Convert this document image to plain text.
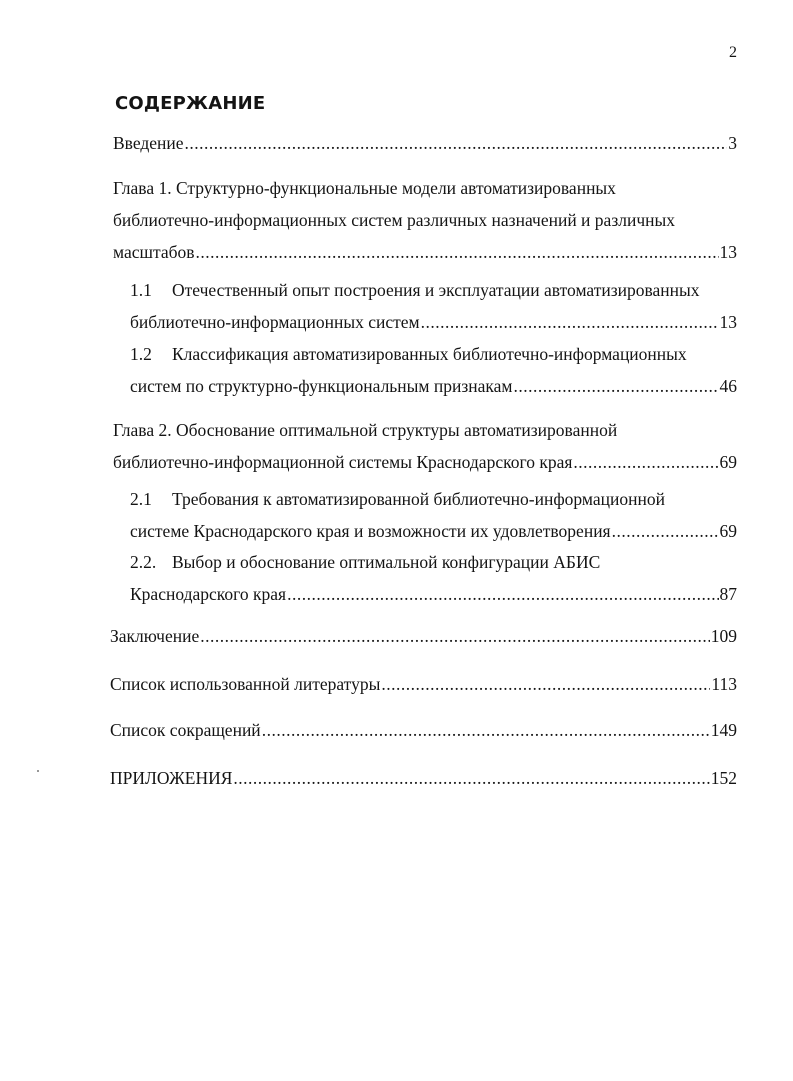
2
СОДЕРЖАНИЕ
Введение .....	3
Глава 1. Структурно-функциональные модели автоматизированных
библиотечно-информационных систем различных назначений и различных
масштабов .....	13
1.1 Отечественный опыт построения и эксплуатации автоматизированных
библиотечно-информационных систем .....	13
1.2 Классификация автоматизированных библиотечно-информационных
систем по структурно-функциональным признакам .....	46
Глава 2. Обоснование оптимальной структуры автоматизированной
библиотечно-информационной системы Краснодарского края .....	69
2.1 Требования к автоматизированной библиотечно-информационной
системе Краснодарского края и возможности их удовлетворения .....	69
2.2. Выбор и обоснование оптимальной конфигурации АБИС
Краснодарского края .....	87
Заключение .....	109
Список использованной литературы .....	113
Список сокращений .....	149
ПРИЛОЖЕНИЯ .....	152
